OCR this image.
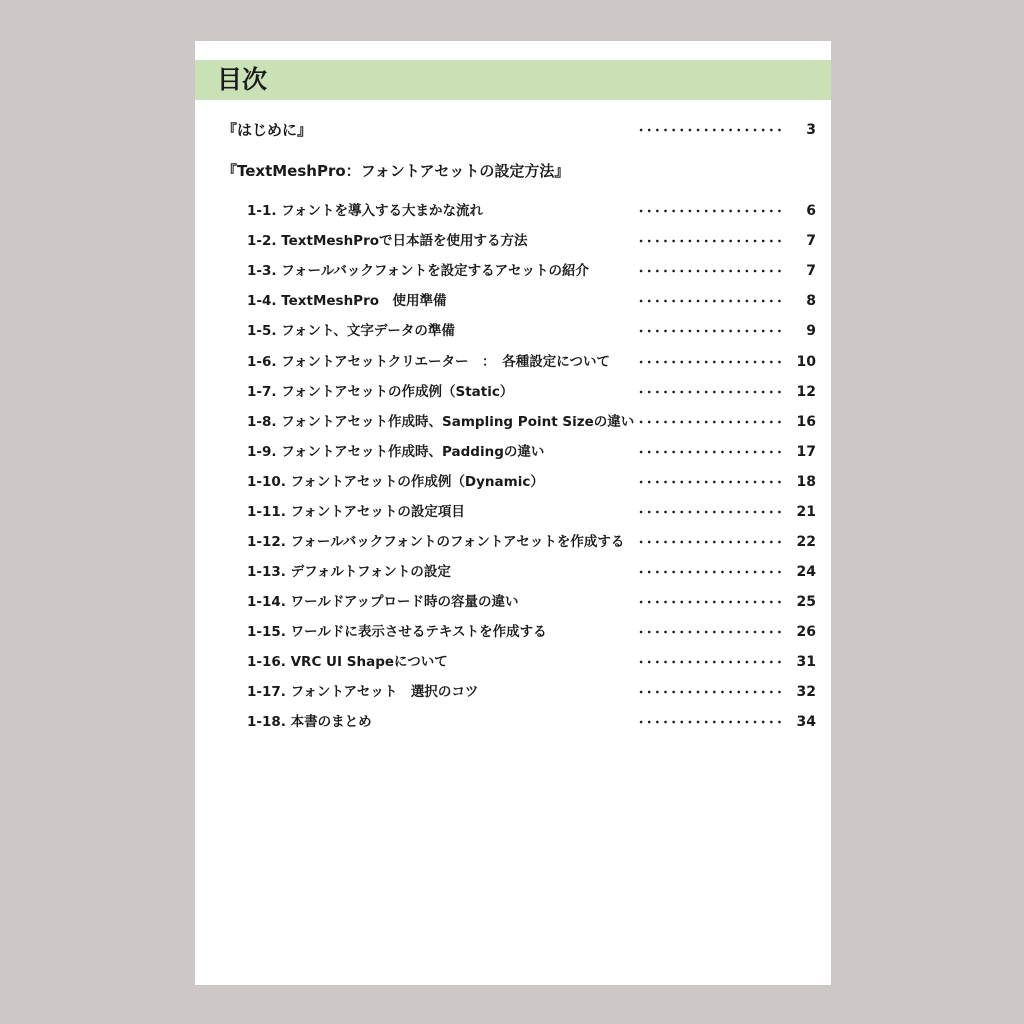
目次
『はじめに』	3
『TextMeshPro：フォントアセットの設定方法』
1-1. フォントを導入する大まかな流れ	6
1-2. TextMeshProで日本語を使用する方法	7
1-3. フォールバックフォントを設定するアセットの紹介	7
1-4. TextMeshPro　使用準備	8
1-5. フォント、文字データの準備	9
1-6. フォントアセットクリエーター　：　各種設定について	10
1-7. フォントアセットの作成例（Static）	12
1-8. フォントアセット作成時、Sampling Point Sizeの違い	16
1-9. フォントアセット作成時、Paddingの違い	17
1-10. フォントアセットの作成例（Dynamic）	18
1-11. フォントアセットの設定項目	21
1-12. フォールバックフォントのフォントアセットを作成する	22
1-13. デフォルトフォントの設定	24
1-14. ワールドアップロード時の容量の違い	25
1-15. ワールドに表示させるテキストを作成する	26
1-16. VRC UI Shapeについて	31
1-17. フォントアセット　選択のコツ	32
1-18. 本書のまとめ	34
